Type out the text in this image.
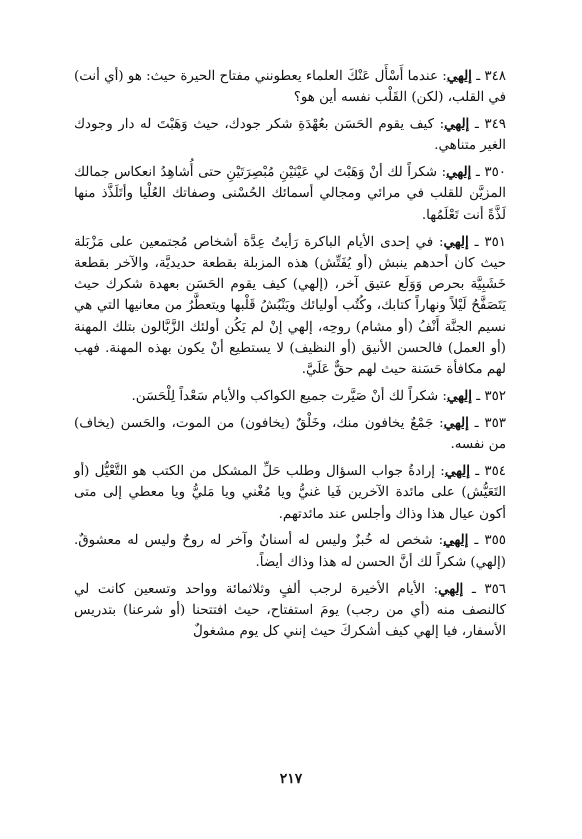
٣٤٨ ـ إلهي: عندما أَسْأَل عَنْكَ العلماء يعطونني مفتاح الحيرة حيث: هو (أي أنت) في القلب، (لكن) القَلْب نفسه أين هو؟

٣٤٩ ـ إلهي: كيف يقوم الحَسَن بعُهْدَةِ شكر جودك، حيث وَهَبْتَ له دار وجودك الغير متناهي.

٣٥٠ ـ إلهي: شكراً لك أنْ وَهَبْتَ لي عَيْنَيْنِ مُبْصِرَتَيْنِ حتى أُشاهِدُ انعكاس جمالك المزيَّن للقلب في مرائي ومجالي أسمائك الحُسْنى وصفاتك العُلْيا وأتَلَذَّذ منها لَذَّةً أنت تَعْلَمُها.

٣٥١ ـ إلهي: في إحدى الأيام الباكرة رَأيتُ عِدَّة أشخاص مُجتمعين على مَزْبَلة حيث كان أحدهم ينبش (أو يُفَتِّش) هذه المزبلة بقطعة حديديَّة، والآخر بقطعة خَشَبِيَّة بحرص وَوَلَع عتيق آخر، (إلهي) كيف يقوم الحَسَن بعهدة شكرك حيث يَتَصَفَّحُ لَيْلاً ونهاراً كتابك، وكُتُب أوليائك ويَنْبُشُ قَلْبها ويتعطَّرُ من معانيها التي هي نسيم الجنَّة أَنْفُ (أو مشام) روحِه، إلهي إنْ لم يَكُن أولئك الزَّبَّالون بتلك المهنة (أو العمل) فالحسن الأنيق (أو النظيف) لا يستطيع أنْ يكون بهذه المهنة. فهب لهم مكافأة حَسَنة حيث لهم حقٌّ عَلَيَّ.

٣٥٢ ـ إلهي: شكراً لك أنْ صَيَّرت جميع الكواكب والأيام سَعْداً لِلْحَسَن.

٣٥٣ ـ إلهي: جَمْعٌ يخافون منك، وخَلْقٌ (يخافون) من الموت، والحَسن (يخاف) من نفسه.

٣٥٤ ـ إلهي: إرادةُ جواب السؤال وطلب حَلِّ المشكل من الكتب هو التَّعْيُّل (أو التَعَيُّش) على مائدة الآخرين فَيا غنيُّ ويا مُغْني ويا مَليُّ ويا معطي إلى متى أكون عيال هذا وذاك وأجلس عند مائدتهم.

٣٥٥ ـ إلهي: شخص له خُبزٌ وليس له أسنانٌ وآخر له روحٌ وليس له معشوقٌ. (إلهي) شكراً لك أنَّ الحسن له هذا وذاك أيضاً.

٣٥٦ ـ إلهي: الأيام الأخيرة لرجب ألفٍ وثلاثمائة وواحد وتسعين كانت لي كالنصف منه (أي من رجب) يومَ استفتاح، حيث افتتحنا (أو شرعنا) بتدريس الأسفار، فيا إلهي كيف أشكركَ حيث إنني كل يوم مشغولٌ

٢١٧
